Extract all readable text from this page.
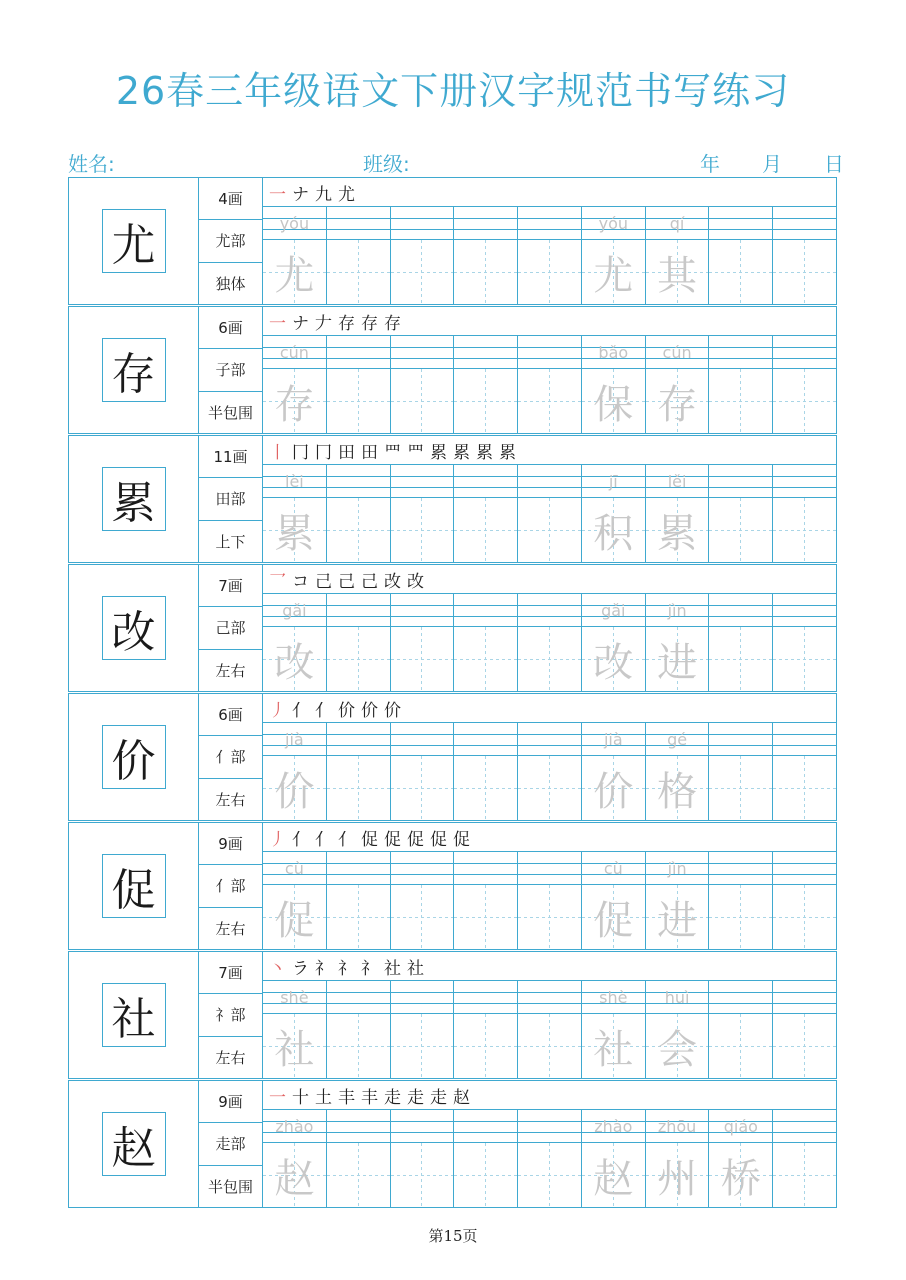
26春三年级语文下册汉字规范书写练习
姓名:	班级:	年 月 日
尤
4画
尤部
独体
一 ナ 九 尤
yóu
尤
yóu
尤
qí
其
存
6画
子部
半包围
一 ナ 𠂇 存 存 存
cún
存
bǎo
保
cún
存
累
11画
田部
上下
丨 冂 冂 田 田 罒 罒 累 累 累 累
lèi
累
jī
积
lěi
累
改
7画
己部
左右
乛 コ 己 己 己 改 改
gǎi
改
gǎi
改
jìn
进
价
6画
亻部
左右
丿 亻 亻 价 价 价
jià
价
jià
价
gé
格
促
9画
亻部
左右
丿 亻 亻 亻 促 促 促 促 促
cù
促
cù
促
jìn
进
社
7画
礻部
左右
丶 ラ 礻 礻 礻 社 社
shè
社
shè
社
huì
会
赵
9画
走部
半包围
一 十 土 丰 丰 走 走 走 赵
zhào
赵
zhào
赵
zhōu
州
qiáo
桥
第15页
